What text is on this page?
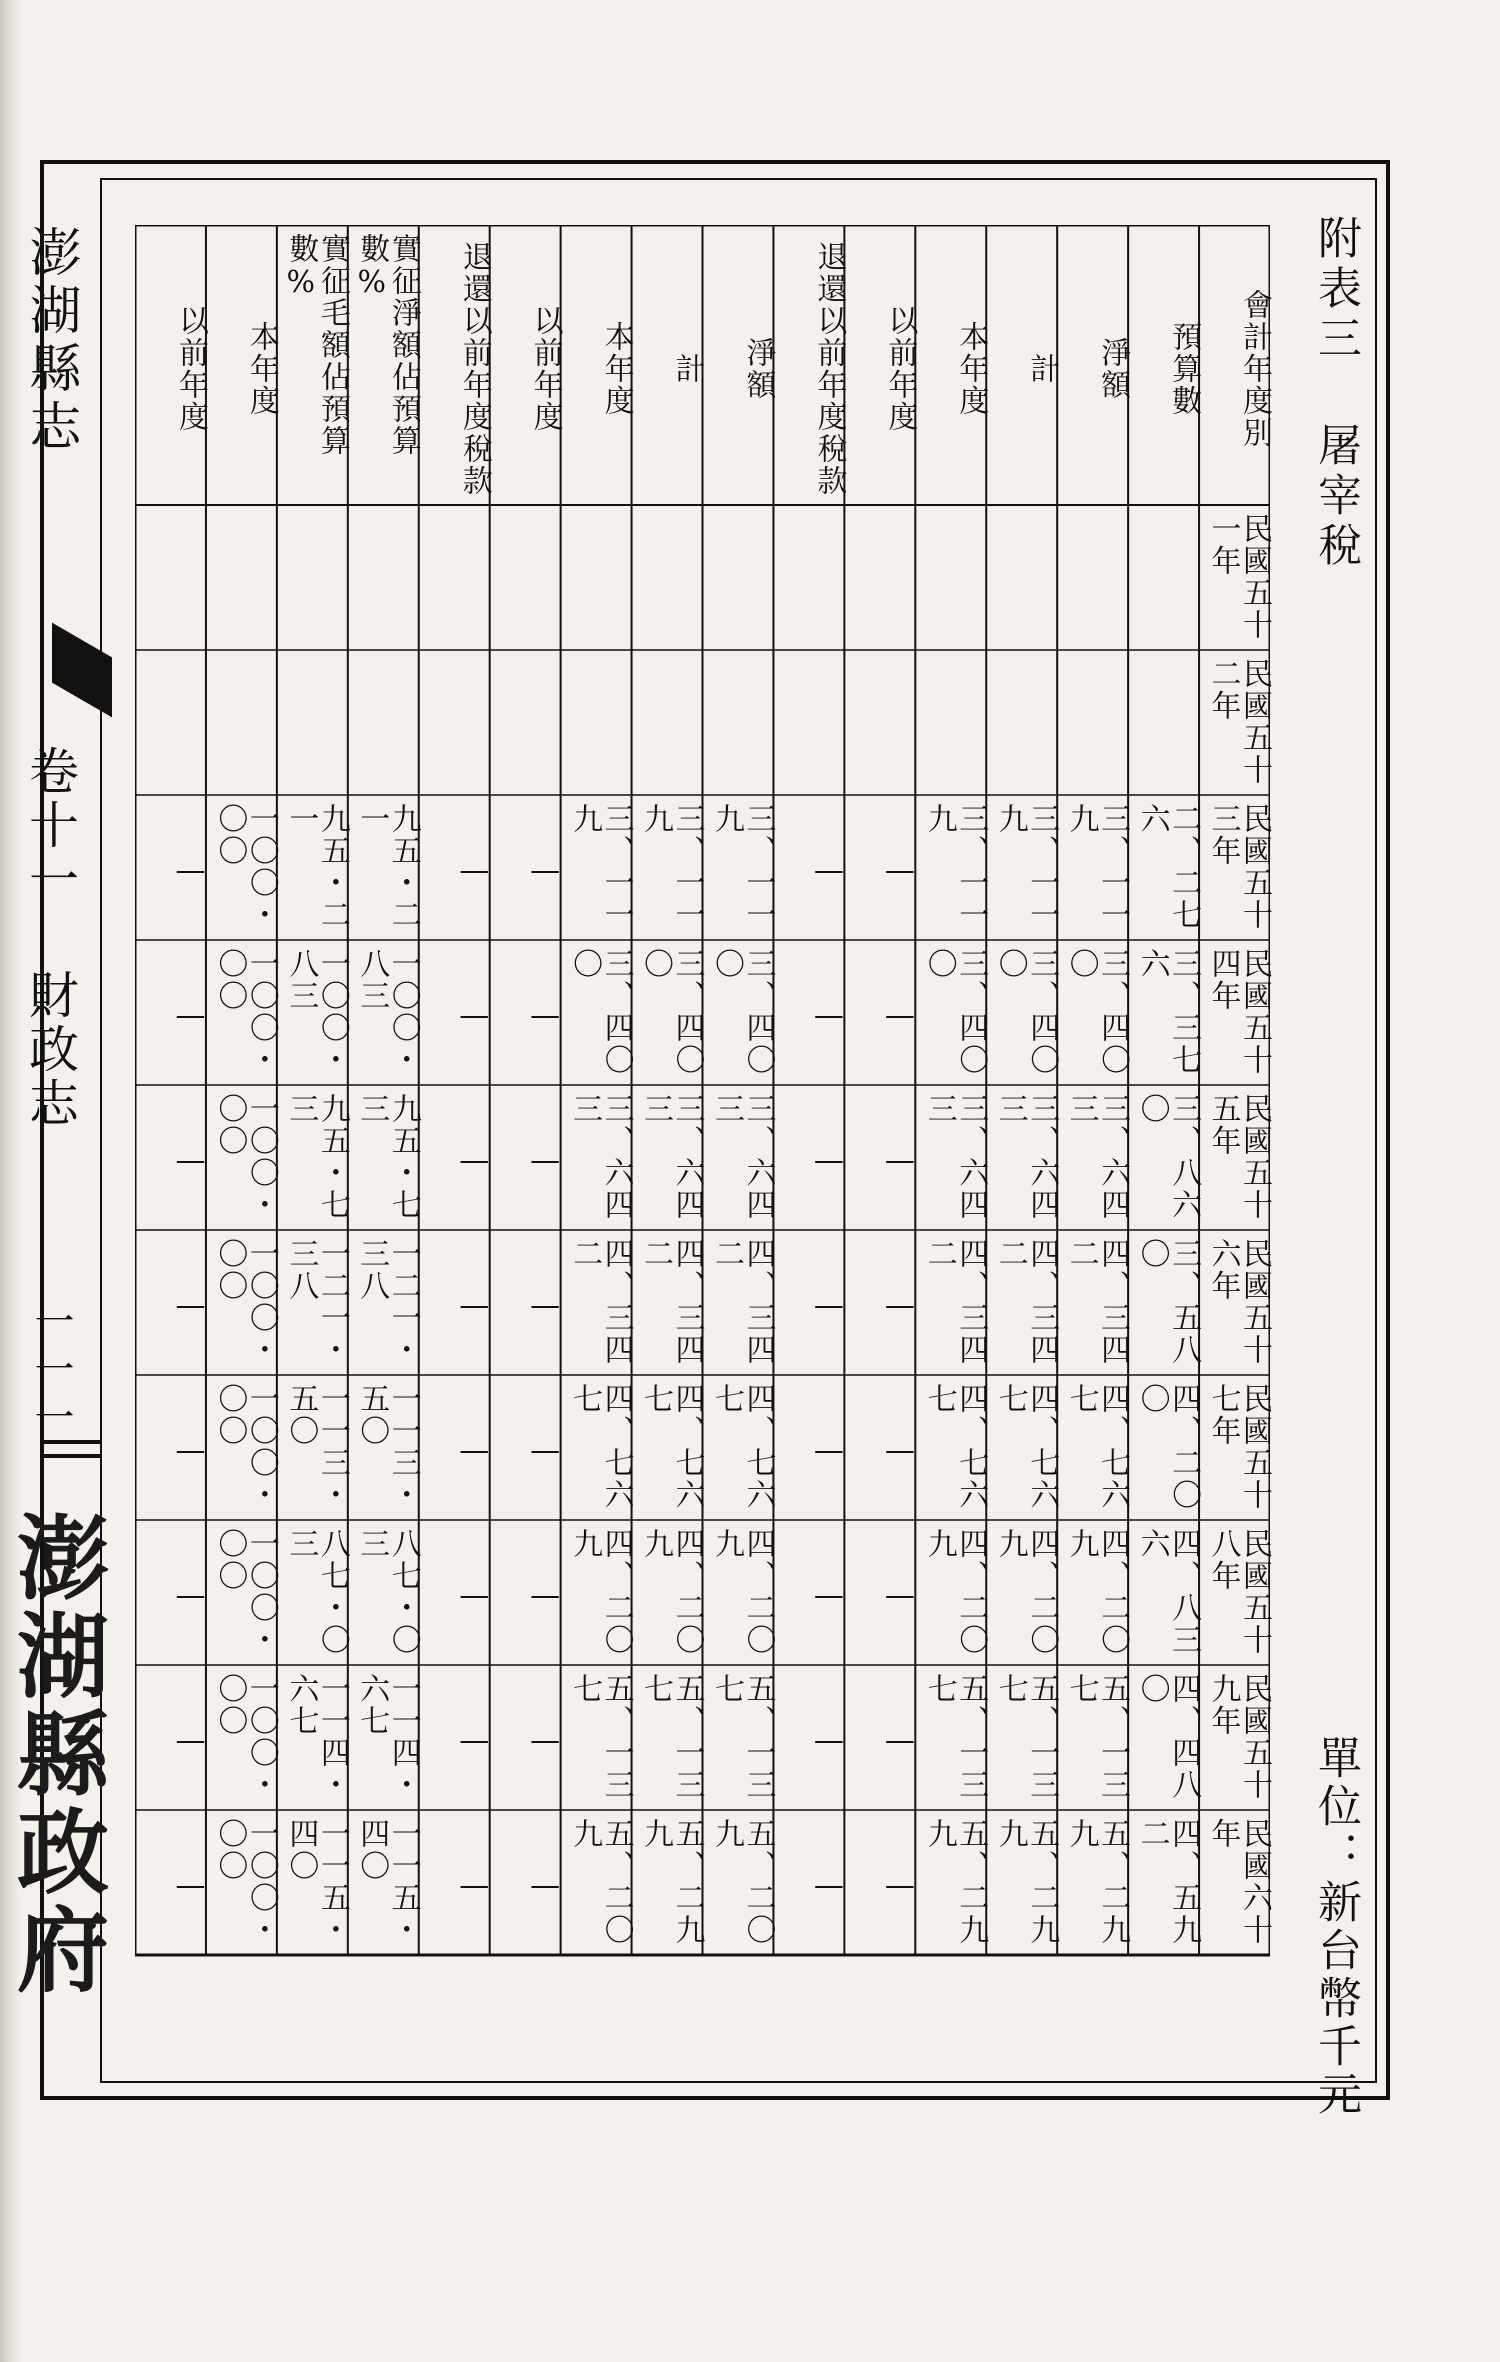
澎湖縣志
卷十一 財政志
一一一
澎湖縣政府
附表三 屠宰稅
單位：新台幣千元
會計年度別
預算數
淨額
計
本年度
以前年度
退還以前年度稅款
淨額
計
本年度
以前年度
退還以前年度稅款
實征淨額佔預算數%
實征毛額佔預算數%
本年度
以前年度
民國五十一年
民國五十二年
民國五十三年
二、二七六
三、一一九
三、一一九
三、一一九
—
—
三、一一九
三、一一九
三、一一九
—
—
九五・二一
九五・二一
一〇〇・〇〇
—
民國五十四年
三、三七六
三、四〇〇
三、四〇〇
三、四〇〇
—
—
三、四〇〇
三、四〇〇
三、四〇〇
—
—
一〇〇・八三
一〇〇・八三
一〇〇・〇〇
—
民國五十五年
三、八六〇
三、六四三
三、六四三
三、六四三
—
—
三、六四三
三、六四三
三、六四三
—
—
九五・七三
九五・七三
一〇〇・〇〇
—
民國五十六年
三、五八〇
四、三四二
四、三四二
四、三四二
—
—
四、三四二
四、三四二
四、三四二
—
—
一二一・三八
一二一・三八
一〇〇・〇〇
—
民國五十七年
四、二〇〇
四、七六七
四、七六七
四、七六七
—
—
四、七六七
四、七六七
四、七六七
—
—
一一三・五〇
一一三・五〇
一〇〇・〇〇
—
民國五十八年
四、八三六
四、二〇九
四、二〇九
四、二〇九
—
—
四、二〇九
四、二〇九
四、二〇九
—
—
八七・〇三
八七・〇三
一〇〇・〇〇
—
民國五十九年
四、四八〇
五、一三七
五、一三七
五、一三七
—
—
五、一三七
五、一三七
五、一三七
—
—
一一四・六七
一一四・六七
一〇〇・〇〇
—
民國六十年
四、五九二
五、二九九
五、二九九
五、二九九
—
—
五、二〇九
五、二九九
五、二〇九
—
—
一一五・四〇
一一五・四〇
一〇〇・〇〇
—
